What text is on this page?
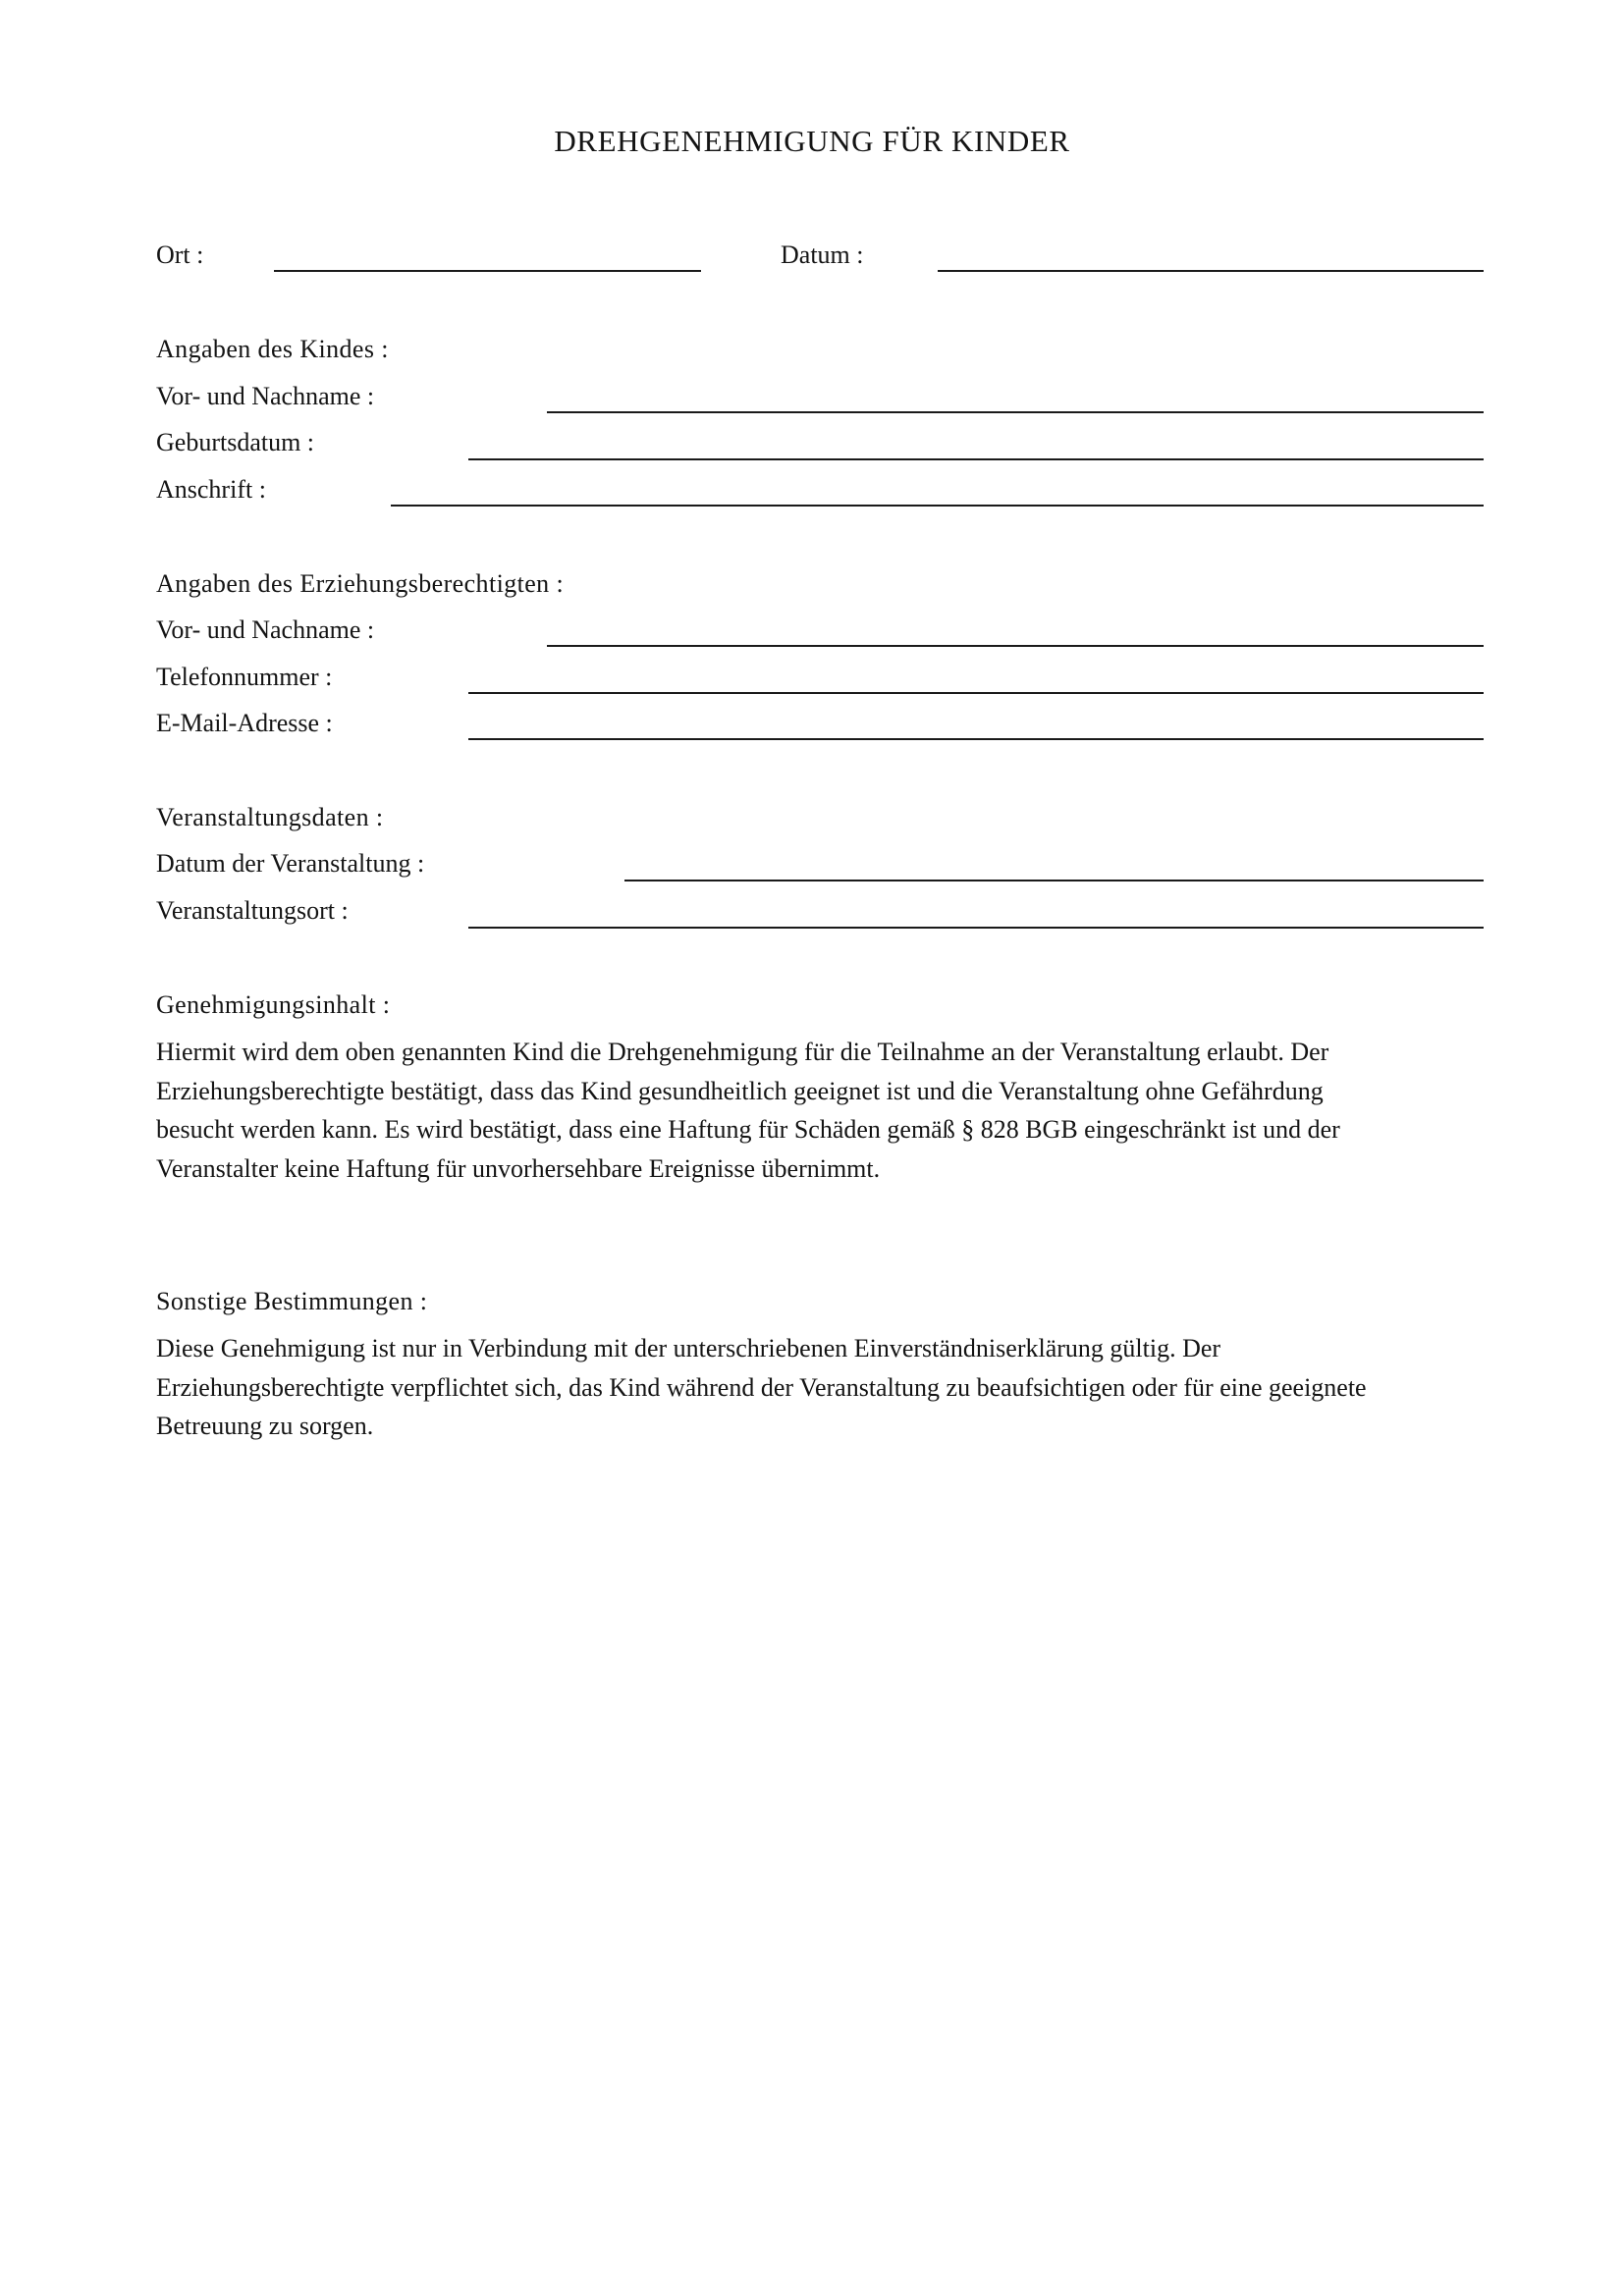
DREHGENEHMIGUNG FÜR KINDER
Ort :	Datum :
Angaben des Kindes :
Vor- und Nachname :
Geburtsdatum :
Anschrift :
Angaben des Erziehungsberechtigten :
Vor- und Nachname :
Telefonnummer :
E-Mail-Adresse :
Veranstaltungsdaten :
Datum der Veranstaltung :
Veranstaltungsort :
Genehmigungsinhalt :
Hiermit wird dem oben genannten Kind die Drehgenehmigung für die Teilnahme an der Veranstaltung erlaubt. Der
Erziehungsberechtigte bestätigt, dass das Kind gesundheitlich geeignet ist und die Veranstaltung ohne Gefährdung
besucht werden kann. Es wird bestätigt, dass eine Haftung für Schäden gemäß § 828 BGB eingeschränkt ist und der
Veranstalter keine Haftung für unvorhersehbare Ereignisse übernimmt.
Sonstige Bestimmungen :
Diese Genehmigung ist nur in Verbindung mit der unterschriebenen Einverständniserklärung gültig. Der
Erziehungsberechtigte verpflichtet sich, das Kind während der Veranstaltung zu beaufsichtigen oder für eine geeignete
Betreuung zu sorgen.
